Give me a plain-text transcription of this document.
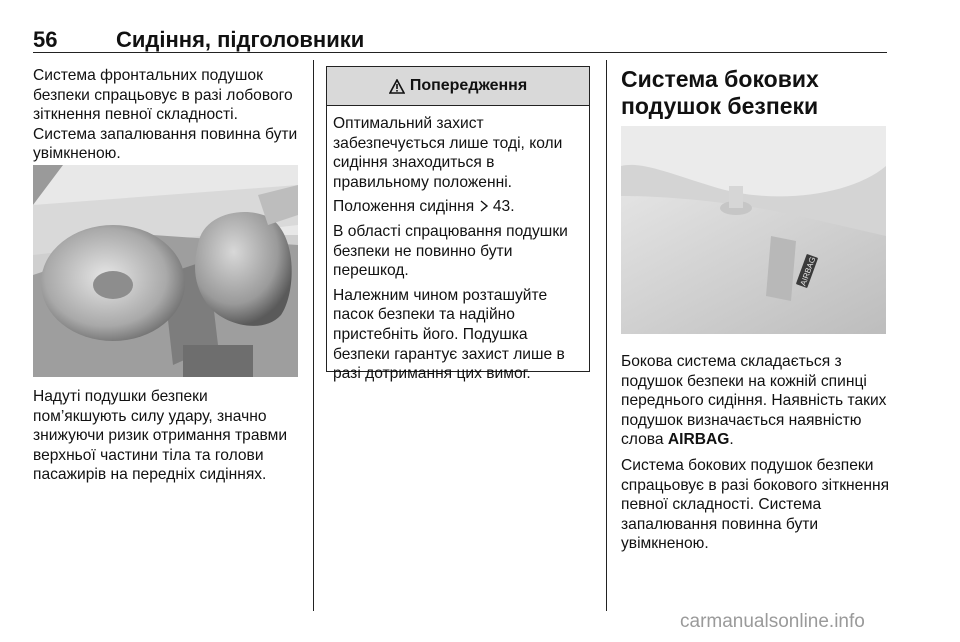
56	Сидіння, підголовники

Система фронтальних подушок безпеки спрацьовує в разі лобового зіткнення певної складності. Система запалювання повинна бути увімкненою.

Надуті подушки безпеки пом’якшують силу удару, значно знижуючи ризик отримання травми верхньої частини тіла та голови пасажирів на передніх сидіннях.

Попередження

Оптимальний захист забезпечується лише тоді, коли сидіння знаходиться в правильному положенні.

Положення сидіння 43.

В області спрацювання подушки безпеки не повинно бути перешкод.

Належним чином розташуйте пасок безпеки та надійно пристебніть його. Подушка безпеки гарантує захист лише в разі дотримання цих вимог.

Система бокових подушок безпеки
AIRBAG

Бокова система складається з подушок безпеки на кожній спинці переднього сидіння. Наявність таких подушок визначається наявністю слова AIRBAG.

Система бокових подушок безпеки спрацьовує в разі бокового зіткнення певної складності. Система запалювання повинна бути увімкненою.

carmanualsonline.info
